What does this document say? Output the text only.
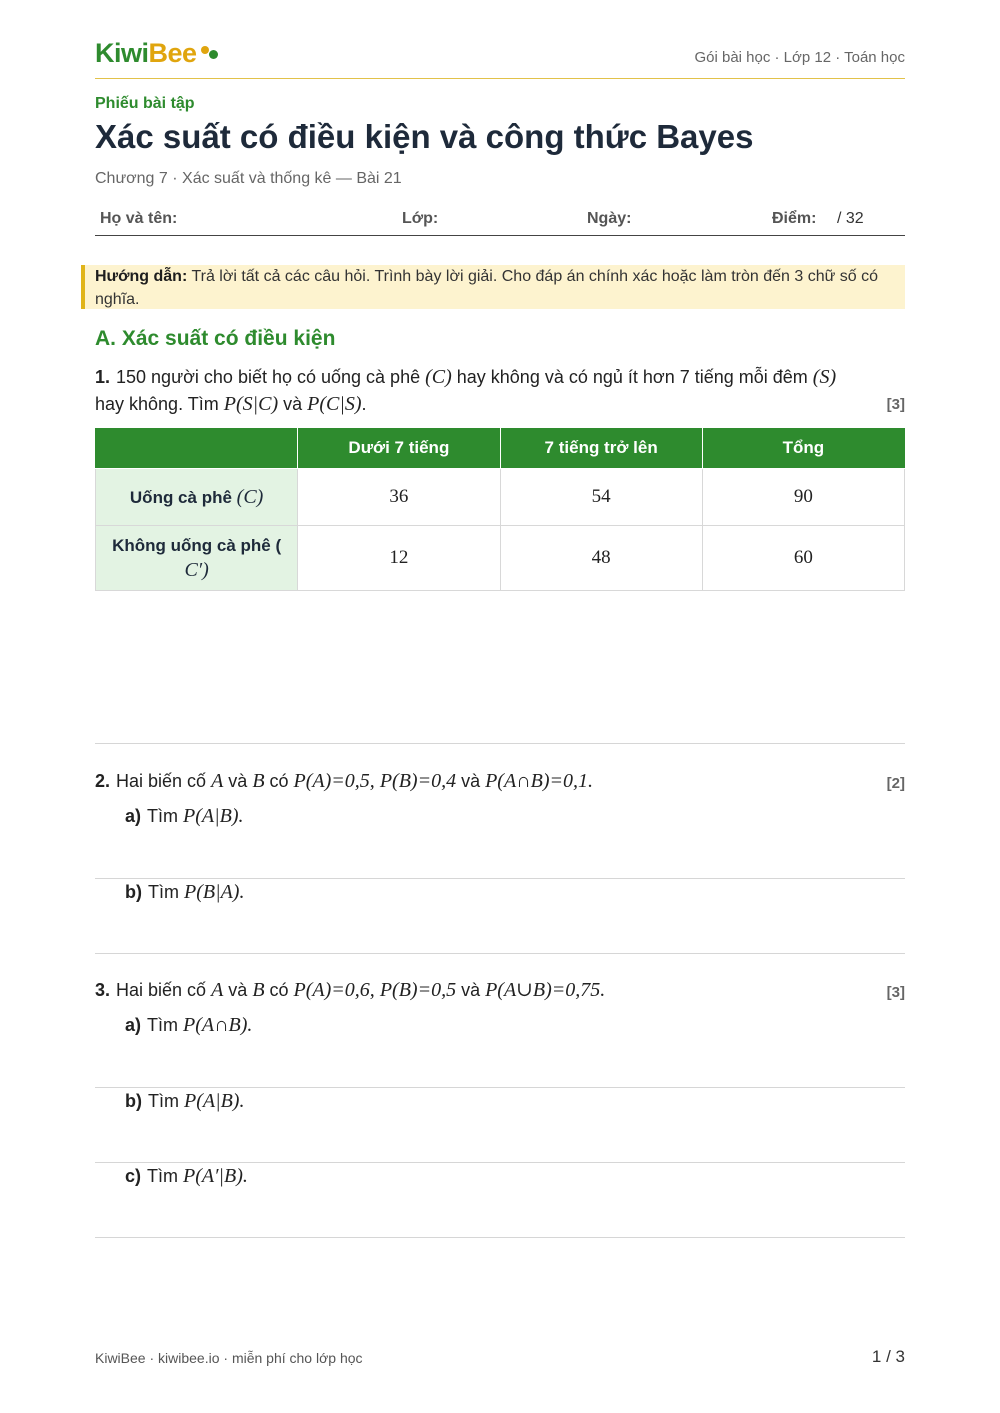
KiwiBee	Gói bài học · Lớp 12 · Toán học
Phiếu bài tập
Xác suất có điều kiện và công thức Bayes
Chương 7 · Xác suất và thống kê — Bài 21
Họ và tên:	Lớp:	Ngày:	Điểm: / 32
Hướng dẫn: Trả lời tất cả các câu hỏi. Trình bày lời giải. Cho đáp án chính xác hoặc làm tròn đến 3 chữ số có nghĩa.
A. Xác suất có điều kiện
1. 150 người cho biết họ có uống cà phê (C) hay không và có ngủ ít hơn 7 tiếng mỗi đêm (S)
hay không. Tìm P(S|C) và P(C|S).	[3]
	Dưới 7 tiếng	7 tiếng trở lên	Tổng
Uống cà phê (C)	36	54	90
Không uống cà phê (
C′)	12	48	60
2. Hai biến cố A và B có P(A)=0,5, P(B)=0,4 và P(A∩B)=0,1.	[2]
a) Tìm P(A|B).
b) Tìm P(B|A).
3. Hai biến cố A và B có P(A)=0,6, P(B)=0,5 và P(A∪B)=0,75.	[3]
a) Tìm P(A∩B).
b) Tìm P(A|B).
c) Tìm P(A′|B).
KiwiBee · kiwibee.io · miễn phí cho lớp học	1 / 3
